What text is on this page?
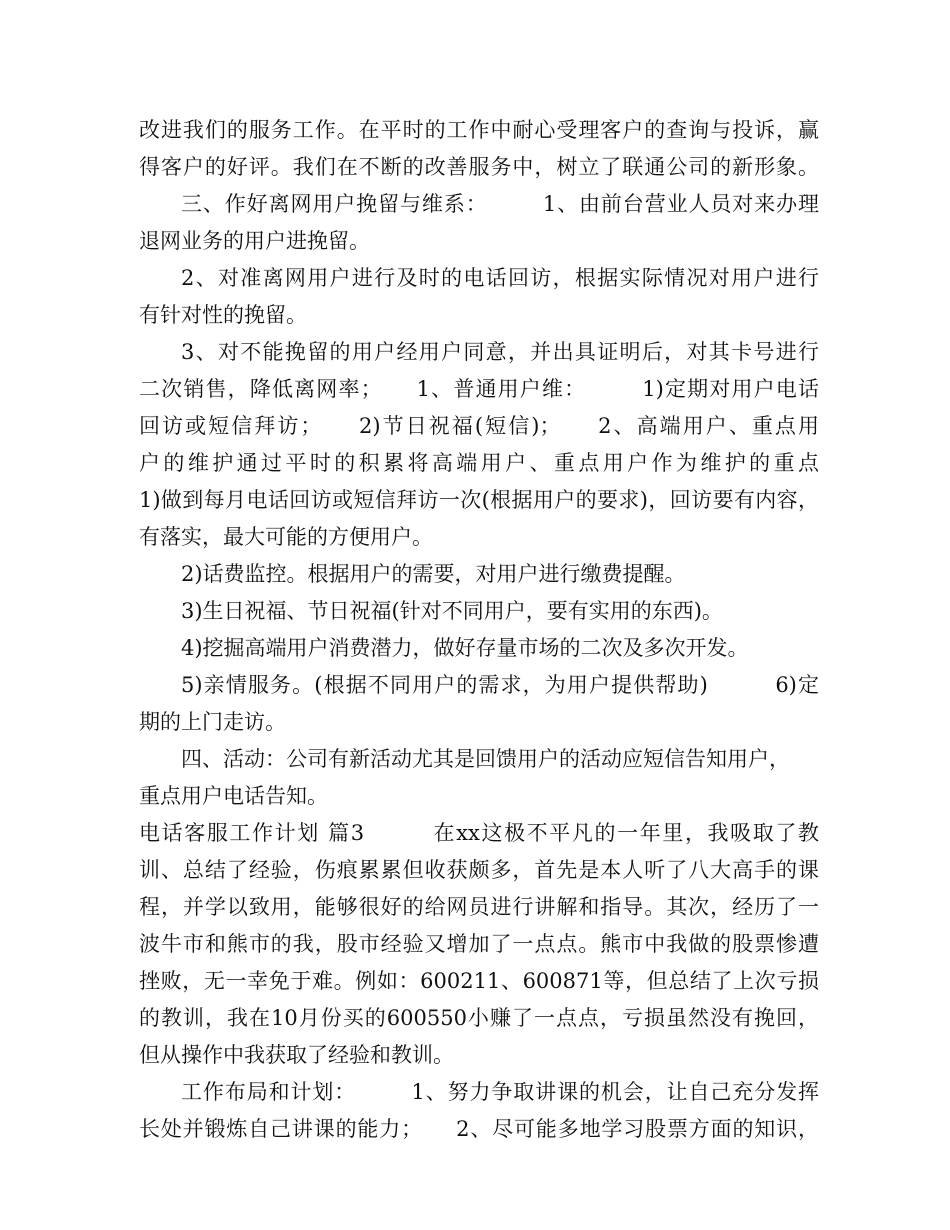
改进我们的服务工作。在平时的工作中耐心受理客户的查询与投诉，赢
得客户的好评。我们在不断的改善服务中，树立了联通公司的新形象。
三、作好离网用户挽留与维系：　　　1、由前台营业人员对来办理
退网业务的用户进挽留。
2、对准离网用户进行及时的电话回访，根据实际情况对用户进行
有针对性的挽留。
3、对不能挽留的用户经用户同意，并出具证明后，对其卡号进行
二次销售，降低离网率；　　1、普通用户维：　　　1)定期对用户电话
回访或短信拜访；　　2)节日祝福(短信)；　　2、高端用户、重点用
户的维护通过平时的积累将高端用户、重点用户作为维护的重点
1)做到每月电话回访或短信拜访一次(根据用户的要求)，回访要有内容，
有落实，最大可能的方便用户。
2)话费监控。根据用户的需要，对用户进行缴费提醒。
3)生日祝福、节日祝福(针对不同用户，要有实用的东西)。
4)挖掘高端用户消费潜力，做好存量市场的二次及多次开发。
5)亲情服务。(根据不同用户的需求，为用户提供帮助)　　　6)定
期的上门走访。
四、活动：公司有新活动尤其是回馈用户的活动应短信告知用户，
重点用户电话告知。
电话客服工作计划 篇3　　　在xx这极不平凡的一年里，我吸取了教
训、总结了经验，伤痕累累但收获颇多，首先是本人听了八大高手的课
程，并学以致用，能够很好的给网员进行讲解和指导。其次，经历了一
波牛市和熊市的我，股市经验又增加了一点点。熊市中我做的股票惨遭
挫败，无一幸免于难。例如：600211、600871等，但总结了上次亏损
的教训，我在10月份买的600550小赚了一点点，亏损虽然没有挽回，
但从操作中我获取了经验和教训。
工作布局和计划：　　　1、努力争取讲课的机会，让自己充分发挥
长处并锻炼自己讲课的能力；　　2、尽可能多地学习股票方面的知识，
